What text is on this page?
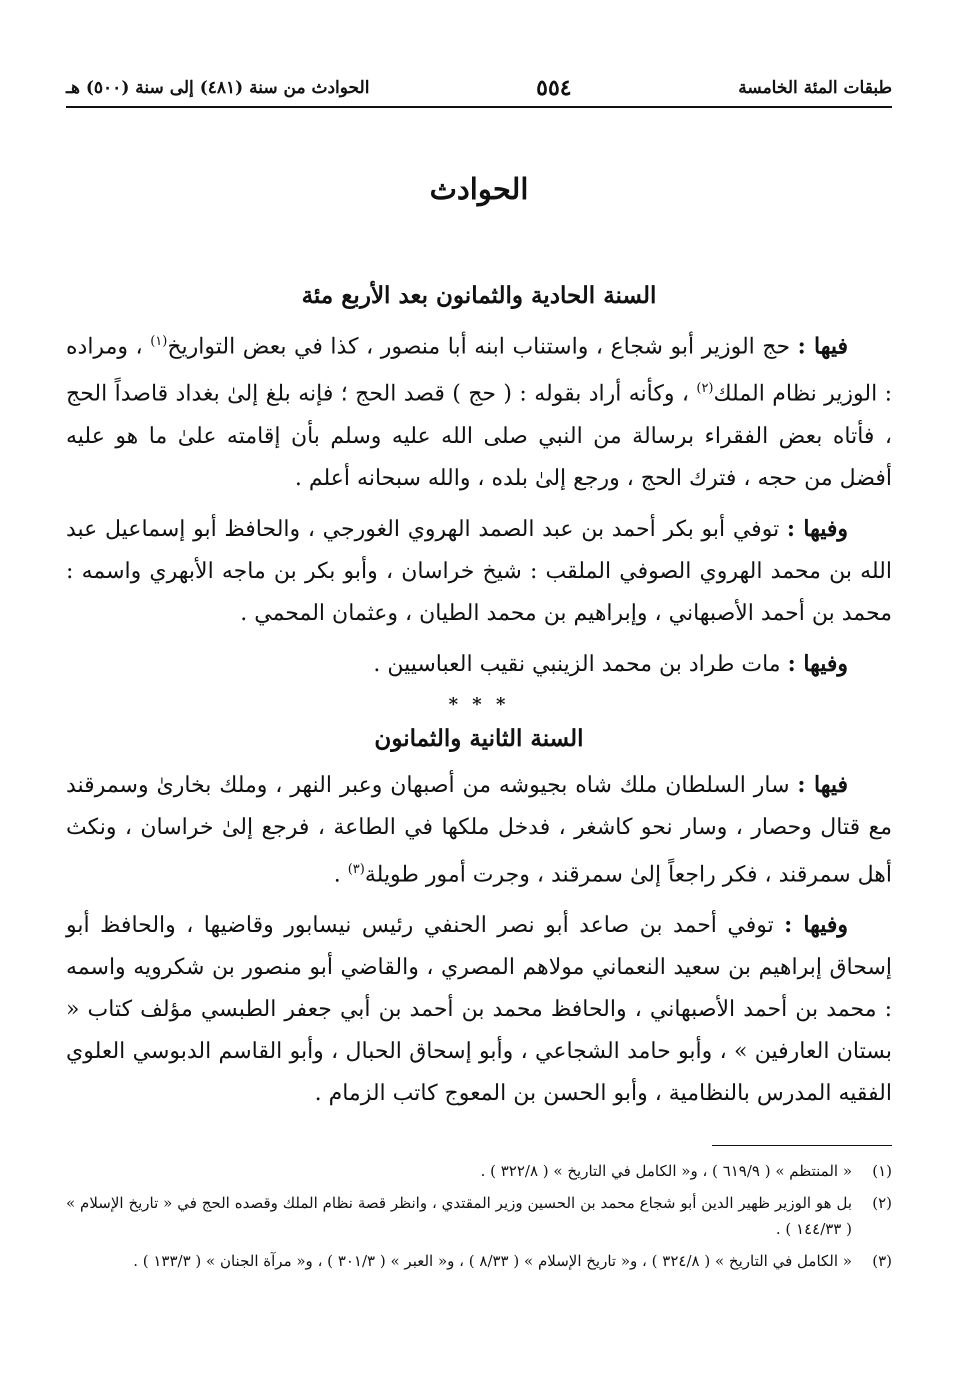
طبقات المئة الخامسة
٥٥٤
الحوادث من سنة (٤٨١) إلى سنة (٥٠٠) هـ
الحوادث
السنة الحادية والثمانون بعد الأربع مئة

فيها : حج الوزير أبو شجاع ، واستناب ابنه أبا منصور ، كذا في بعض التواريخ$^{(١)}$ ، ومراده : الوزير نظام الملك$^{(٢)}$ ، وكأنه أراد بقوله : ( حج ) قصد الحج ؛ فإنه بلغ إلىٰ بغداد قاصداً الحج ، فأتاه بعض الفقراء برسالة من النبي صلى الله عليه وسلم بأن إقامته علىٰ ما هو عليه أفضل من حجه ، فترك الحج ، ورجع إلىٰ بلده ، والله سبحانه أعلم .

وفيها : توفي أبو بكر أحمد بن عبد الصمد الهروي الغورجي ، والحافظ أبو إسماعيل عبد الله بن محمد الهروي الصوفي الملقب : شيخ خراسان ، وأبو بكر بن ماجه الأبهري واسمه : محمد بن أحمد الأصبهاني ، وإبراهيم بن محمد الطيان ، وعثمان المحمي .

وفيها : مات طراد بن محمد الزينبي نقيب العباسيين .

* * *
السنة الثانية والثمانون

فيها : سار السلطان ملك شاه بجيوشه من أصبهان وعبر النهر ، وملك بخارىٰ وسمرقند مع قتال وحصار ، وسار نحو كاشغر ، فدخل ملكها في الطاعة ، فرجع إلىٰ خراسان ، ونكث أهل سمرقند ، فكر راجعاً إلىٰ سمرقند ، وجرت أمور طويلة$^{(٣)}$ .

وفيها : توفي أحمد بن صاعد أبو نصر الحنفي رئيس نيسابور وقاضيها ، والحافظ أبو إسحاق إبراهيم بن سعيد النعماني مولاهم المصري ، والقاضي أبو منصور بن شكرويه واسمه : محمد بن أحمد الأصبهاني ، والحافظ محمد بن أحمد بن أبي جعفر الطبسي مؤلف كتاب « بستان العارفين » ، وأبو حامد الشجاعي ، وأبو إسحاق الحبال ، وأبو القاسم الدبوسي العلوي الفقيه المدرس بالنظامية ، وأبو الحسن بن المعوج كاتب الزمام .

(١)
« المنتظم » ( ٦١٩/٩ ) ، و« الكامل في التاريخ » ( ٣٢٢/٨ ) .
(٢)
بل هو الوزير ظهير الدين أبو شجاع محمد بن الحسين وزير المقتدي ، وانظر قصة نظام الملك وقصده الحج في « تاريخ الإسلام » ( ١٤٤/٣٣ ) .
(٣)
« الكامل في التاريخ » ( ٣٢٤/٨ ) ، و« تاريخ الإسلام » ( ٨/٣٣ ) ، و« العبر » ( ٣٠١/٣ ) ، و« مرآة الجنان » ( ١٣٣/٣ ) .
